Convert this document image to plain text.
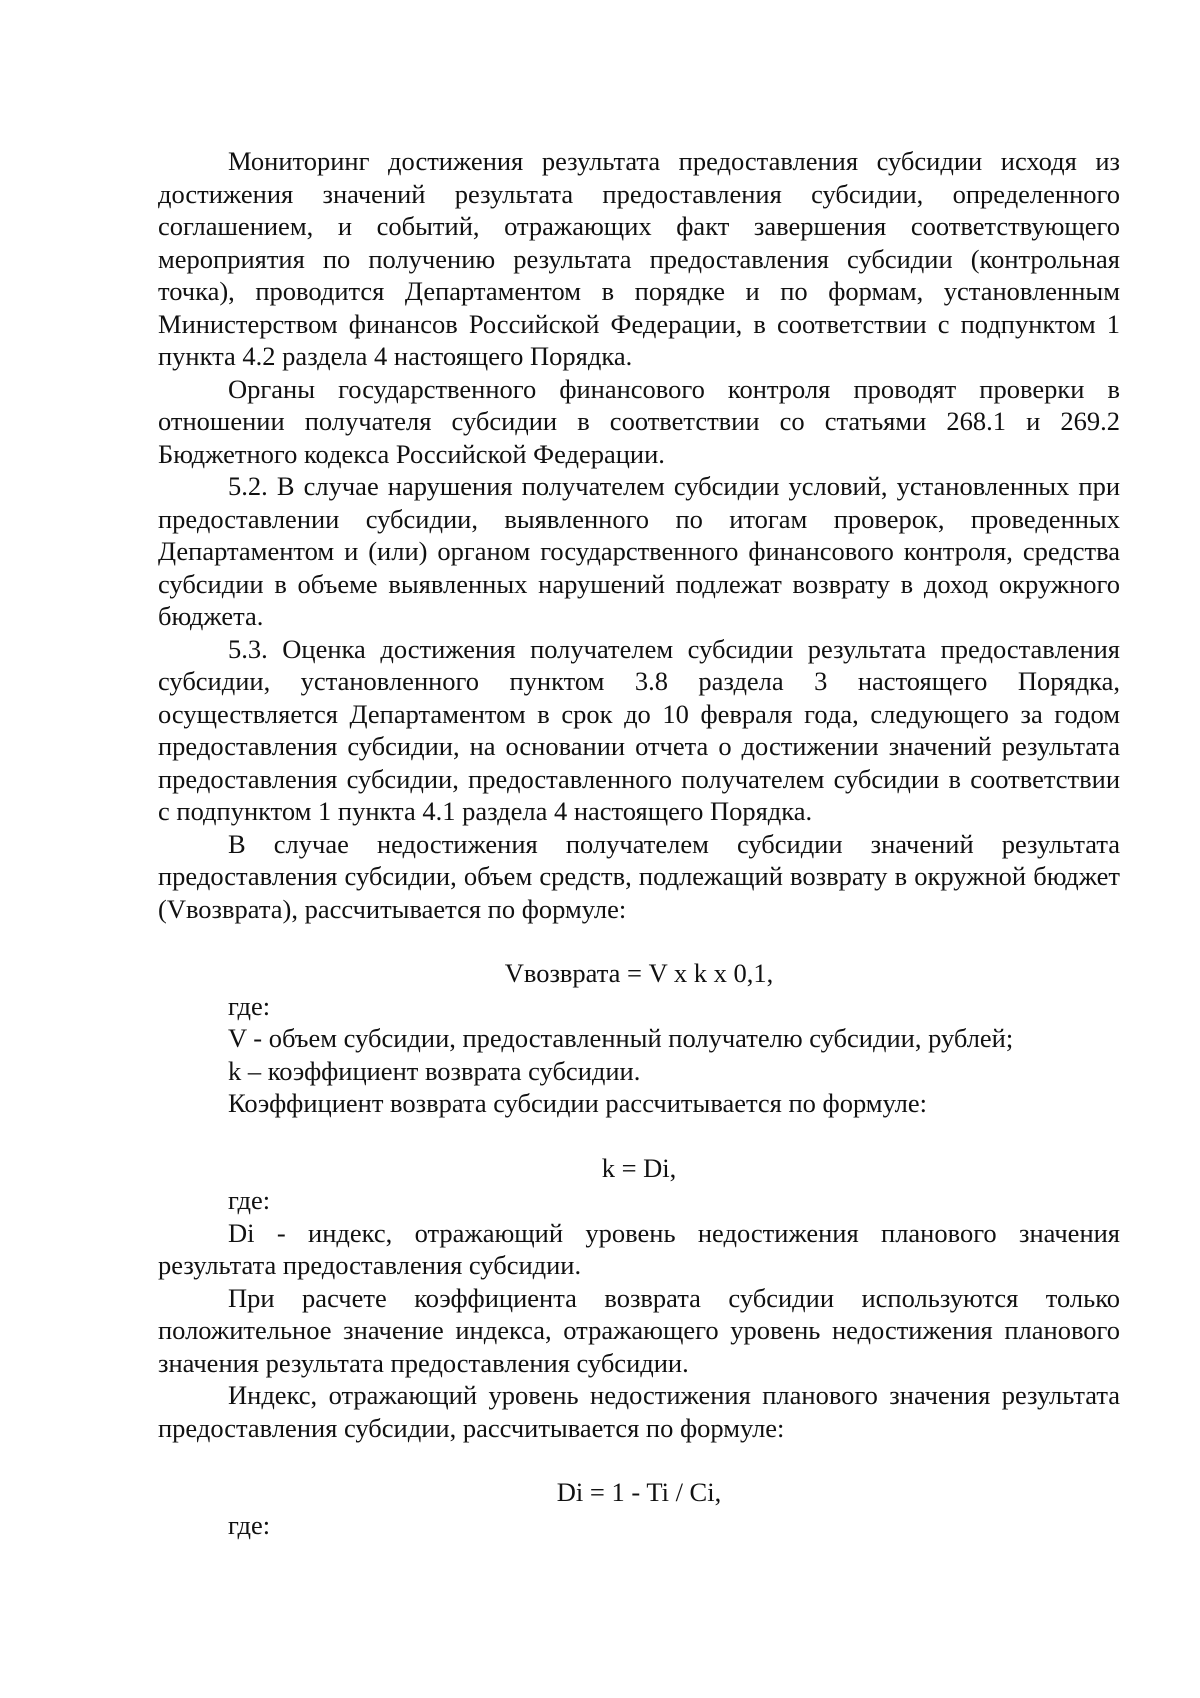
Мониторинг достижения результата предоставления субсидии исходя из достижения значений результата предоставления субсидии, определенного соглашением, и событий, отражающих факт завершения соответствующего мероприятия по получению результата предоставления субсидии (контрольная точка), проводится Департаментом в порядке и по формам, установленным Министерством финансов Российской Федерации, в соответствии с подпунктом 1 пункта 4.2 раздела 4 настоящего Порядка.

Органы государственного финансового контроля проводят проверки в отношении получателя субсидии в соответствии со статьями 268.1 и 269.2 Бюджетного кодекса Российской Федерации.

5.2. В случае нарушения получателем субсидии условий, установленных при предоставлении субсидии, выявленного по итогам проверок, проведенных Департаментом и (или) органом государственного финансового контроля, средства субсидии в объеме выявленных нарушений подлежат возврату в доход окружного бюджета.

5.3. Оценка достижения получателем субсидии результата предоставления субсидии, установленного пунктом 3.8 раздела 3 настоящего Порядка, осуществляется Департаментом в срок до 10 февраля года, следующего за годом предоставления субсидии, на основании отчета о достижении значений результата предоставления субсидии, предоставленного получателем субсидии в соответствии с подпунктом 1 пункта 4.1 раздела 4 настоящего Порядка.

В случае недостижения получателем субсидии значений результата предоставления субсидии, объем средств, подлежащий возврату в окружной бюджет (Vвозврата), рассчитывается по формуле:

Vвозврата = V x k x 0,1,

где:

V - объем субсидии, предоставленный получателю субсидии, рублей;

k – коэффициент возврата субсидии.

Коэффициент возврата субсидии рассчитывается по формуле:

k = Di,

где:

Di - индекс, отражающий уровень недостижения планового значения результата предоставления субсидии.

При расчете коэффициента возврата субсидии используются только положительное значение индекса, отражающего уровень недостижения планового значения результата предоставления субсидии.

Индекс, отражающий уровень недостижения планового значения результата предоставления субсидии, рассчитывается по формуле:

Di = 1 - Ti / Ci,

где:
